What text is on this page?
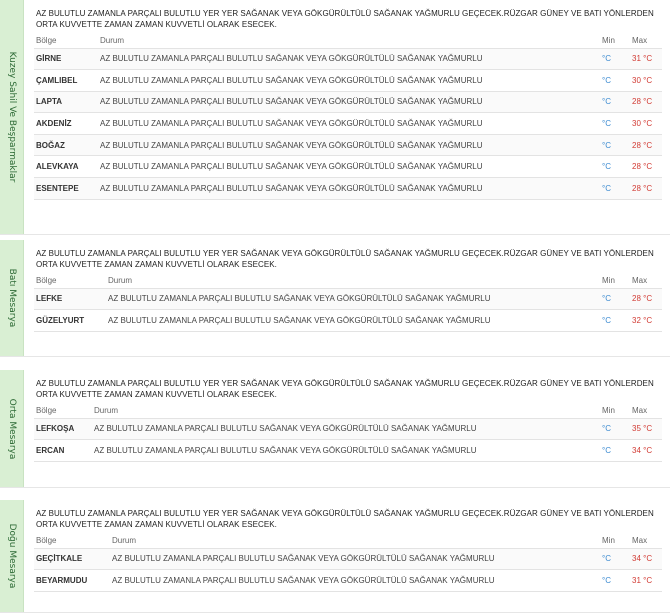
Kuzey Sahil Ve Beşparmaklar
AZ BULUTLU ZAMANLA PARÇALI BULUTLU YER YER SAĞANAK VEYA GÖKGÜRÜLTÜLÜ SAĞANAK YAĞMURLU GEÇECEK.RÜZGAR GÜNEY VE BATI YÖNLERDEN ORTA KUVVETTE ZAMAN ZAMAN KUVVETLİ OLARAK ESECEK.
Bölge	Durum	Min	Max
GİRNE	AZ BULUTLU ZAMANLA PARÇALI BULUTLU SAĞANAK VEYA GÖKGÜRÜLTÜLÜ SAĞANAK YAĞMURLU	°C	31 °C
ÇAMLIBEL	AZ BULUTLU ZAMANLA PARÇALI BULUTLU SAĞANAK VEYA GÖKGÜRÜLTÜLÜ SAĞANAK YAĞMURLU	°C	30 °C
LAPTA	AZ BULUTLU ZAMANLA PARÇALI BULUTLU SAĞANAK VEYA GÖKGÜRÜLTÜLÜ SAĞANAK YAĞMURLU	°C	28 °C
AKDENİZ	AZ BULUTLU ZAMANLA PARÇALI BULUTLU SAĞANAK VEYA GÖKGÜRÜLTÜLÜ SAĞANAK YAĞMURLU	°C	30 °C
BOĞAZ	AZ BULUTLU ZAMANLA PARÇALI BULUTLU SAĞANAK VEYA GÖKGÜRÜLTÜLÜ SAĞANAK YAĞMURLU	°C	28 °C
ALEVKAYA	AZ BULUTLU ZAMANLA PARÇALI BULUTLU SAĞANAK VEYA GÖKGÜRÜLTÜLÜ SAĞANAK YAĞMURLU	°C	28 °C
ESENTEPE	AZ BULUTLU ZAMANLA PARÇALI BULUTLU SAĞANAK VEYA GÖKGÜRÜLTÜLÜ SAĞANAK YAĞMURLU	°C	28 °C
Batı Mesarya
AZ BULUTLU ZAMANLA PARÇALI BULUTLU YER YER SAĞANAK VEYA GÖKGÜRÜLTÜLÜ SAĞANAK YAĞMURLU GEÇECEK.RÜZGAR GÜNEY VE BATI YÖNLERDEN ORTA KUVVETTE ZAMAN ZAMAN KUVVETLİ OLARAK ESECEK.
Bölge	Durum	Min	Max
LEFKE	AZ BULUTLU ZAMANLA PARÇALI BULUTLU SAĞANAK VEYA GÖKGÜRÜLTÜLÜ SAĞANAK YAĞMURLU	°C	28 °C
GÜZELYURT	AZ BULUTLU ZAMANLA PARÇALI BULUTLU SAĞANAK VEYA GÖKGÜRÜLTÜLÜ SAĞANAK YAĞMURLU	°C	32 °C
Orta Mesarya
AZ BULUTLU ZAMANLA PARÇALI BULUTLU YER YER SAĞANAK VEYA GÖKGÜRÜLTÜLÜ SAĞANAK YAĞMURLU GEÇECEK.RÜZGAR GÜNEY VE BATI YÖNLERDEN ORTA KUVVETTE ZAMAN ZAMAN KUVVETLİ OLARAK ESECEK.
Bölge	Durum	Min	Max
LEFKOŞA	AZ BULUTLU ZAMANLA PARÇALI BULUTLU SAĞANAK VEYA GÖKGÜRÜLTÜLÜ SAĞANAK YAĞMURLU	°C	35 °C
ERCAN	AZ BULUTLU ZAMANLA PARÇALI BULUTLU SAĞANAK VEYA GÖKGÜRÜLTÜLÜ SAĞANAK YAĞMURLU	°C	34 °C
Doğu Mesarya
AZ BULUTLU ZAMANLA PARÇALI BULUTLU YER YER SAĞANAK VEYA GÖKGÜRÜLTÜLÜ SAĞANAK YAĞMURLU GEÇECEK.RÜZGAR GÜNEY VE BATI YÖNLERDEN ORTA KUVVETTE ZAMAN ZAMAN KUVVETLİ OLARAK ESECEK.
Bölge	Durum	Min	Max
GEÇİTKALE	AZ BULUTLU ZAMANLA PARÇALI BULUTLU SAĞANAK VEYA GÖKGÜRÜLTÜLÜ SAĞANAK YAĞMURLU	°C	34 °C
BEYARMUDU	AZ BULUTLU ZAMANLA PARÇALI BULUTLU SAĞANAK VEYA GÖKGÜRÜLTÜLÜ SAĞANAK YAĞMURLU	°C	31 °C
